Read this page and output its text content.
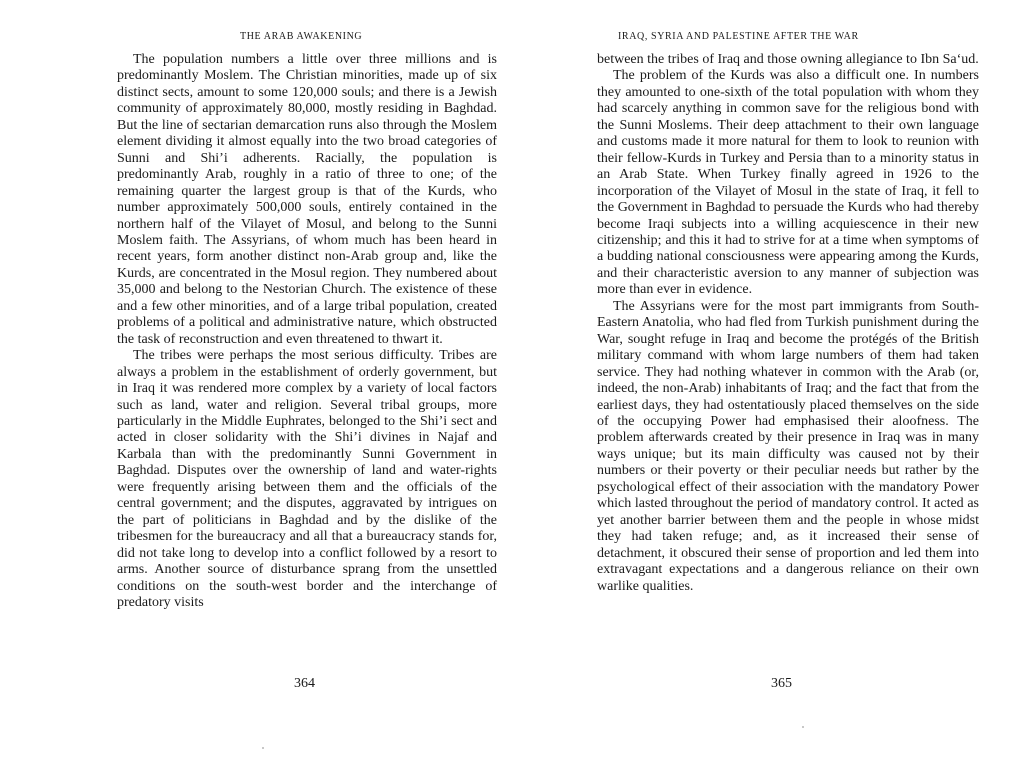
THE ARAB AWAKENING

The population numbers a little over three millions and is predominantly Moslem. The Christian minorities, made up of six distinct sects, amount to some 120,000 souls; and there is a Jewish community of approximately 80,000, mostly residing in Baghdad. But the line of sectarian demarcation runs also through the Moslem element dividing it almost equally into the two broad categories of Sunni and Shi’i adherents. Racially, the population is predominantly Arab, roughly in a ratio of three to one; of the remaining quarter the largest group is that of the Kurds, who number approximately 500,000 souls, entirely contained in the northern half of the Vilayet of Mosul, and belong to the Sunni Moslem faith. The Assyrians, of whom much has been heard in recent years, form another distinct non-Arab group and, like the Kurds, are concentrated in the Mosul region. They numbered about 35,000 and belong to the Nestorian Church. The existence of these and a few other minorities, and of a large tribal population, created problems of a political and administrative nature, which obstructed the task of reconstruction and even threatened to thwart it.

The tribes were perhaps the most serious difficulty. Tribes are always a problem in the establishment of orderly government, but in Iraq it was rendered more complex by a variety of local factors such as land, water and religion. Several tribal groups, more particularly in the Middle Euphrates, belonged to the Shi’i sect and acted in closer solidarity with the Shi’i divines in Najaf and Karbala than with the predominantly Sunni Government in Baghdad. Disputes over the ownership of land and water-rights were frequently arising between them and the officials of the central government; and the disputes, aggravated by intrigues on the part of politicians in Baghdad and by the dislike of the tribesmen for the bureaucracy and all that a bureaucracy stands for, did not take long to develop into a conflict followed by a resort to arms. Another source of disturbance sprang from the unsettled conditions on the south-west border and the interchange of predatory visits

364
IRAQ, SYRIA AND PALESTINE AFTER THE WAR

between the tribes of Iraq and those owning allegiance to Ibn Sa‘ud.

The problem of the Kurds was also a difficult one. In numbers they amounted to one-sixth of the total population with whom they had scarcely anything in common save for the religious bond with the Sunni Moslems. Their deep attachment to their own language and customs made it more natural for them to look to reunion with their fellow-Kurds in Turkey and Persia than to a minority status in an Arab State. When Turkey finally agreed in 1926 to the incorporation of the Vilayet of Mosul in the state of Iraq, it fell to the Government in Baghdad to persuade the Kurds who had thereby become Iraqi subjects into a willing acquiescence in their new citizenship; and this it had to strive for at a time when symptoms of a budding national consciousness were appearing among the Kurds, and their characteristic aversion to any manner of subjection was more than ever in evidence.

The Assyrians were for the most part immigrants from South-Eastern Anatolia, who had fled from Turkish punishment during the War, sought refuge in Iraq and become the protégés of the British military command with whom large numbers of them had taken service. They had nothing whatever in common with the Arab (or, indeed, the non-Arab) inhabitants of Iraq; and the fact that from the earliest days, they had ostentatiously placed themselves on the side of the occupying Power had emphasised their aloofness. The problem afterwards created by their presence in Iraq was in many ways unique; but its main difficulty was caused not by their numbers or their poverty or their peculiar needs but rather by the psychological effect of their association with the mandatory Power which lasted throughout the period of mandatory control. It acted as yet another barrier between them and the people in whose midst they had taken refuge; and, as it increased their sense of detachment, it obscured their sense of proportion and led them into extravagant expectations and a dangerous reliance on their own warlike qualities.

365
